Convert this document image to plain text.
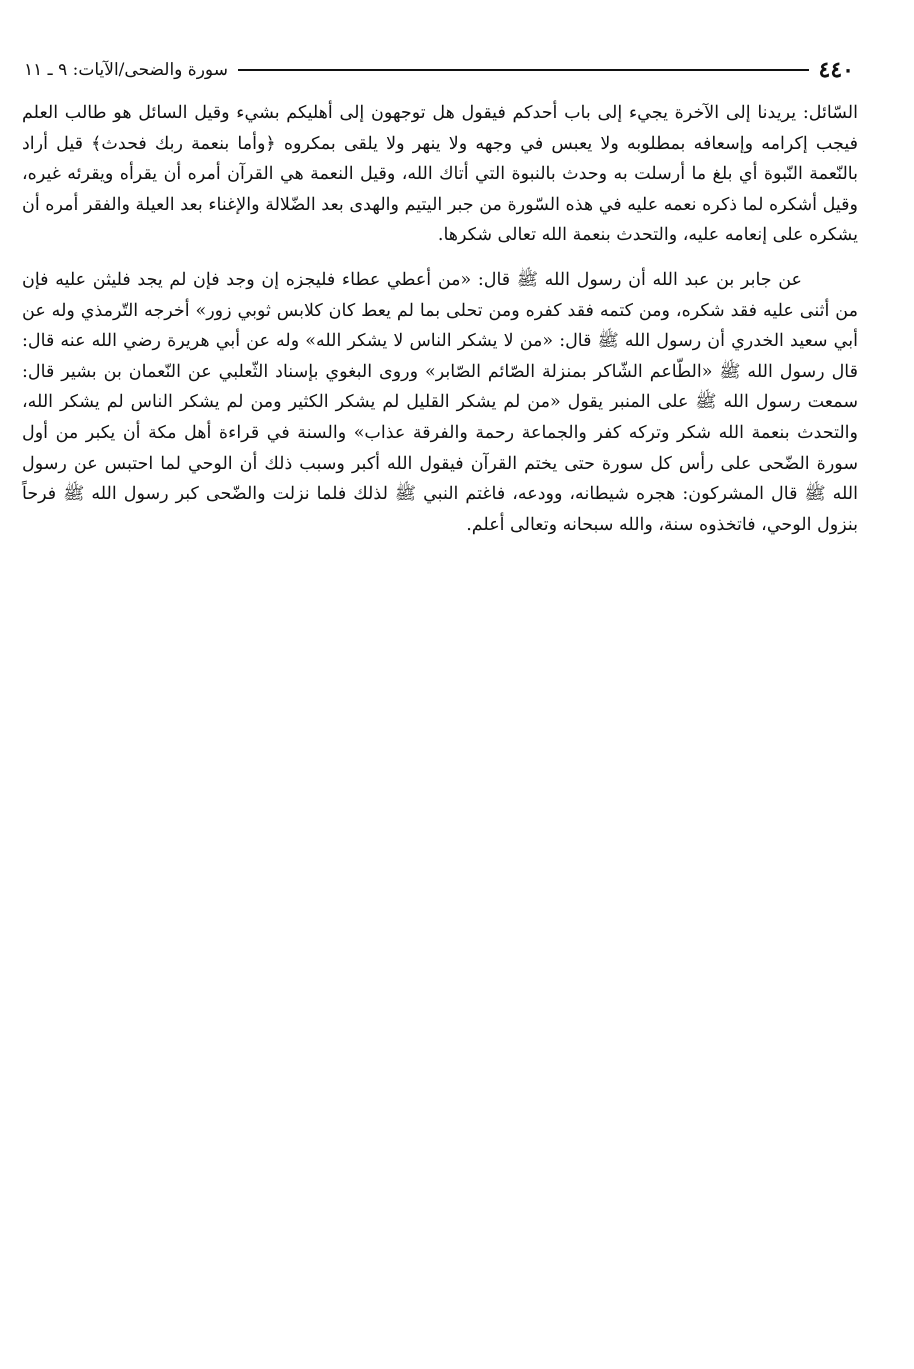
٤٤٠
سورة والضحى/الآيات: ٩ ـ ١١

السّائل: يريدنا إلى الآخرة يجيء إلى باب أحدكم فيقول هل توجهون إلى أهليكم بشيء وقيل السائل هو طالب العلم فيجب إكرامه وإسعافه بمطلوبه ولا يعبس في وجهه ولا ينهر ولا يلقى بمكروه ﴿وأما بنعمة ربك فحدث﴾ قيل أراد بالنّعمة النّبوة أي بلغ ما أرسلت به وحدث بالنبوة التي أتاك الله، وقيل النعمة هي القرآن أمره أن يقرأه ويقرئه غيره، وقيل أشكره لما ذكره نعمه عليه في هذه السّورة من جبر اليتيم والهدى بعد الضّلالة والإغناء بعد العيلة والفقر أمره أن يشكره على إنعامه عليه، والتحدث بنعمة الله تعالى شكرها.

عن جابر بن عبد الله أن رسول الله ﷺ قال: «من أعطي عطاء فليجزه إن وجد فإن لم يجد فليثن عليه فإن من أثنى عليه فقد شكره، ومن كتمه فقد كفره ومن تحلى بما لم يعط كان كلابس ثوبي زور» أخرجه التّرمذي وله عن أبي سعيد الخدري أن رسول الله ﷺ قال: «من لا يشكر الناس لا يشكر الله» وله عن أبي هريرة رضي الله عنه قال: قال رسول الله ﷺ «الطّاعم الشّاكر بمنزلة الصّائم الصّابر» وروى البغوي بإسناد الثّعلبي عن النّعمان بن بشير قال: سمعت رسول الله ﷺ على المنبر يقول «من لم يشكر القليل لم يشكر الكثير ومن لم يشكر الناس لم يشكر الله، والتحدث بنعمة الله شكر وتركه كفر والجماعة رحمة والفرقة عذاب» والسنة في قراءة أهل مكة أن يكبر من أول سورة الضّحى على رأس كل سورة حتى يختم القرآن فيقول الله أكبر وسبب ذلك أن الوحي لما احتبس عن رسول الله ﷺ قال المشركون: هجره شيطانه، وودعه، فاغتم النبي ﷺ لذلك فلما نزلت والضّحى كبر رسول الله ﷺ فرحاً بنزول الوحي، فاتخذوه سنة، والله سبحانه وتعالى أعلم.
